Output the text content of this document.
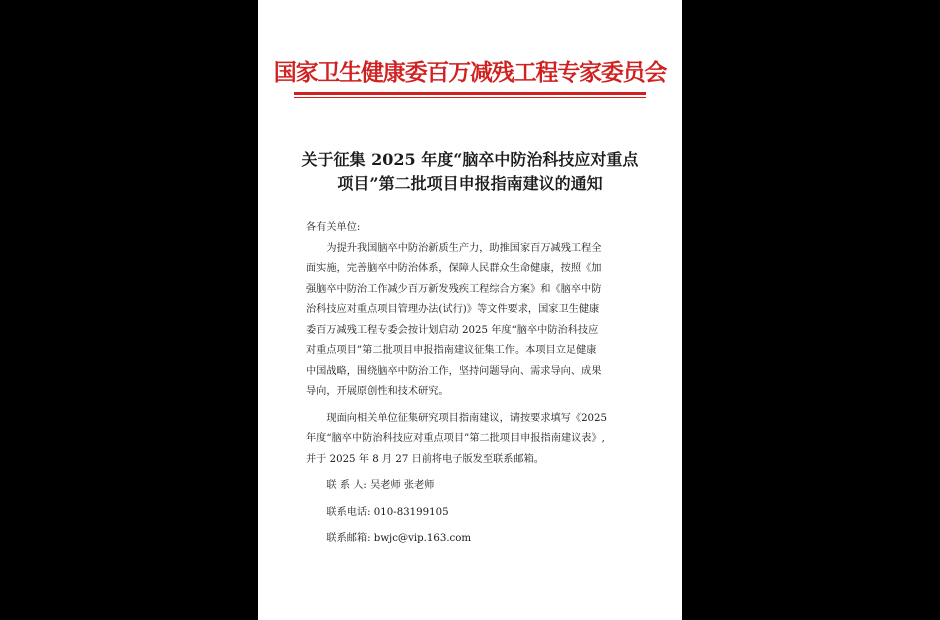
国家卫生健康委百万减残工程专家委员会
关于征集 2025 年度“脑卒中防治科技应对重点
项目”第二批项目申报指南建议的通知
各有关单位:
为提升我国脑卒中防治新质生产力，助推国家百万减残工程全
面实施，完善脑卒中防治体系，保障人民群众生命健康，按照《加
强脑卒中防治工作减少百万新发残疾工程综合方案》和《脑卒中防
治科技应对重点项目管理办法(试行)》等文件要求，国家卫生健康
委百万减残工程专委会按计划启动 2025 年度“脑卒中防治科技应
对重点项目”第二批项目申报指南建议征集工作。本项目立足健康
中国战略，围绕脑卒中防治工作，坚持问题导向、需求导向、成果
导向，开展原创性和技术研究。
现面向相关单位征集研究项目指南建议，请按要求填写《2025
年度“脑卒中防治科技应对重点项目”第二批项目申报指南建议表》,
并于 2025 年 8 月 27 日前将电子版发至联系邮箱。
联 系 人: 吴老师 张老师
联系电话: 010-83199105
联系邮箱: bwjc@vip.163.com
